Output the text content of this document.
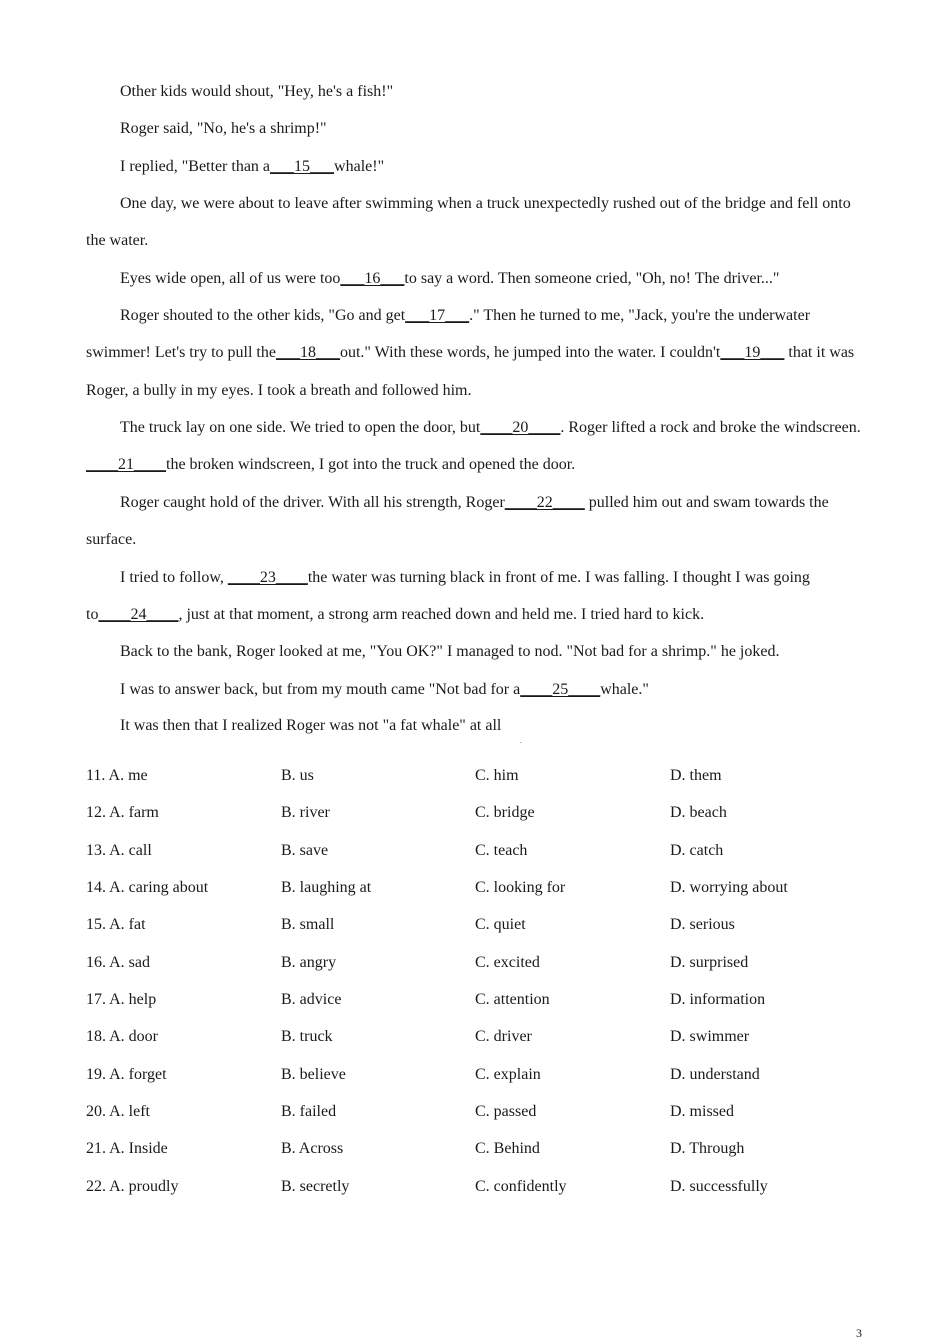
Other kids would shout, "Hey, he's a fish!"

Roger said, "No, he's a shrimp!"

I replied, "Better than a___15___whale!"

One day, we were about to leave after swimming when a truck unexpectedly rushed out of the bridge and fell onto the water.

Eyes wide open, all of us were too___16___to say a word. Then someone cried, "Oh, no! The driver..."

Roger shouted to the other kids, "Go and get___17___." Then he turned to me, "Jack, you're the underwater swimmer! Let's try to pull the___18___out." With these words, he jumped into the water. I couldn't___19___ that it was Roger, a bully in my eyes. I took a breath and followed him.

The truck lay on one side. We tried to open the door, but____20____. Roger lifted a rock and broke the windscreen. ____21____the broken windscreen, I got into the truck and opened the door.

Roger caught hold of the driver. With all his strength, Roger____22____ pulled him out and swam towards the surface.

I tried to follow, ____23____the water was turning black in front of me. I was falling. I thought I was going to____24____, just at that moment, a strong arm reached down and held me. I tried hard to kick.

Back to the bank, Roger looked at me, "You OK?" I managed to nod. "Not bad for a shrimp." he joked.

I was to answer back, but from my mouth came "Not bad for a____25____whale."

It was then that I realized Roger was not "a fat whale" at all

.
11. A. me	B. us	C. him	D. them
12. A. farm	B. river	C. bridge	D. beach
13. A. call	B. save	C. teach	D. catch
14. A. caring about	B. laughing at	C. looking for	D. worrying about
15. A. fat	B. small	C. quiet	D. serious
16. A. sad	B. angry	C. excited	D. surprised
17. A. help	B. advice	C. attention	D. information
18. A. door	B. truck	C. driver	D. swimmer
19. A. forget	B. believe	C. explain	D. understand
20. A. left	B. failed	C. passed	D. missed
21. A. Inside	B. Across	C. Behind	D. Through
22. A. proudly	B. secretly	C. confidently	D. successfully
3
